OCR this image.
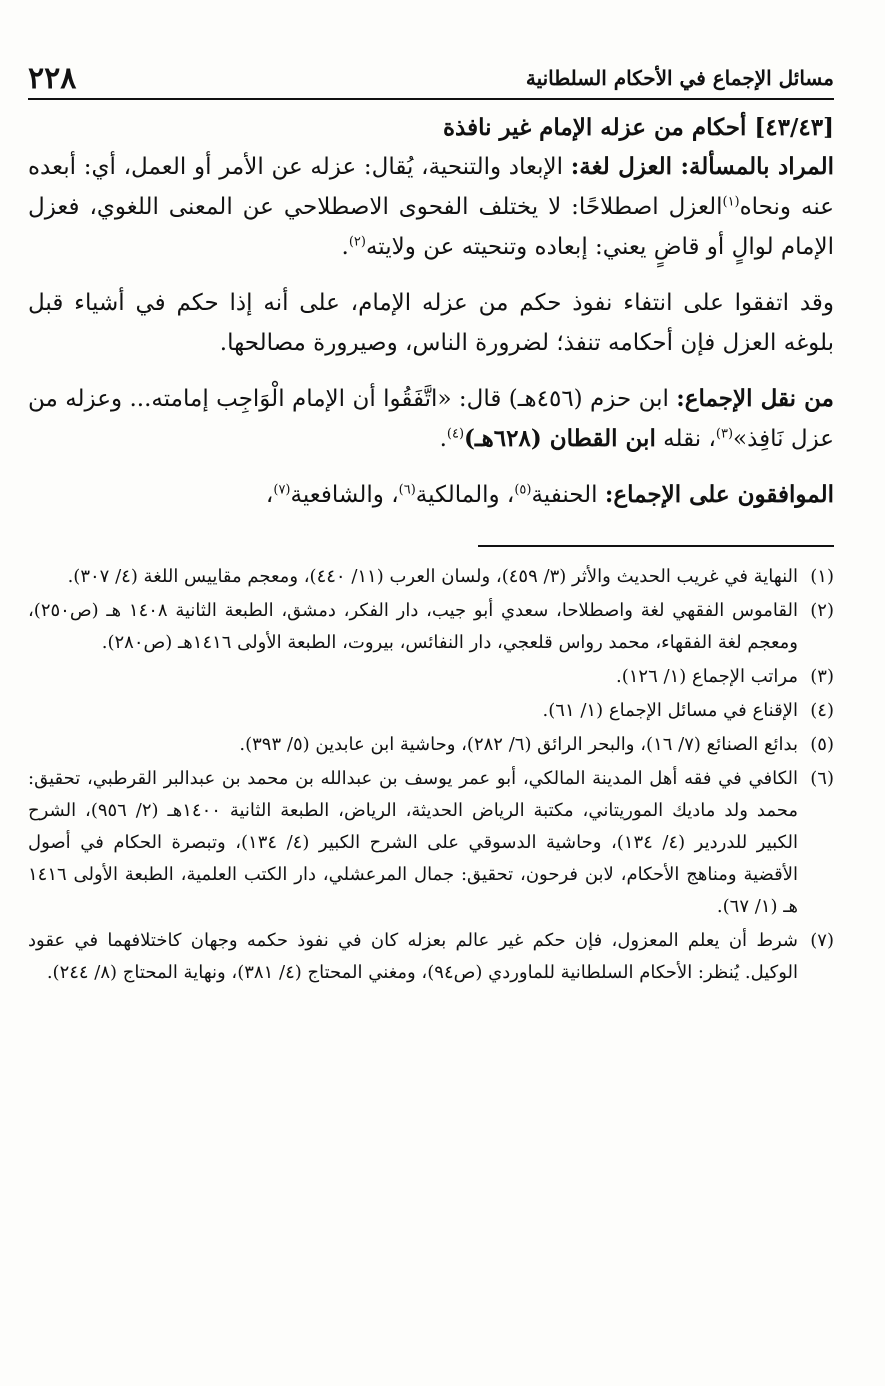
مسائل الإجماع في الأحكام السلطانية
٢٢٨
[٤٣/٤٣] أحكام من عزله الإمام غير نافذة

المراد بالمسألة: العزل لغة: الإبعاد والتنحية، يُقال: عزله عن الأمر أو العمل، أي: أبعده عنه ونحاه$^{(١)}$العزل اصطلاحًا: لا يختلف الفحوى الاصطلاحي عن المعنى اللغوي، فعزل الإمام لوالٍ أو قاضٍ يعني: إبعاده وتنحيته عن ولايته$^{(٢)}$.

وقد اتفقوا على انتفاء نفوذ حكم من عزله الإمام، على أنه إذا حكم في أشياء قبل بلوغه العزل فإن أحكامه تنفذ؛ لضرورة الناس، وصيرورة مصالحها.

من نقل الإجماع: ابن حزم (٤٥٦هـ) قال: «اتَّفَقُوا أن الإمام الْوَاجِب إمامته... وعزله من عزل نَافِذ»$^{(٣)}$، نقله ابن القطان (٦٢٨هـ)$^{(٤)}$.

الموافقون على الإجماع: الحنفية$^{(٥)}$، والمالكية$^{(٦)}$، والشافعية$^{(٧)}$،

(١)
النهاية في غريب الحديث والأثر (٣/ ٤٥٩)، ولسان العرب (١١/ ٤٤٠)، ومعجم مقاييس اللغة (٤/ ٣٠٧).
(٢)
القاموس الفقهي لغة واصطلاحا، سعدي أبو جيب، دار الفكر، دمشق، الطبعة الثانية ١٤٠٨ هـ (ص٢٥٠)، ومعجم لغة الفقهاء، محمد رواس قلعجي، دار النفائس، بيروت، الطبعة الأولى ١٤١٦هـ (ص٢٨٠).
(٣)
مراتب الإجماع (١/ ١٢٦).
(٤)
الإقناع في مسائل الإجماع (١/ ٦١).
(٥)
بدائع الصنائع (٧/ ١٦)، والبحر الرائق (٦/ ٢٨٢)، وحاشية ابن عابدين (٥/ ٣٩٣).
(٦)
الكافي في فقه أهل المدينة المالكي، أبو عمر يوسف بن عبدالله بن محمد بن عبدالبر القرطبي، تحقيق: محمد ولد ماديك الموريتاني، مكتبة الرياض الحديثة، الرياض، الطبعة الثانية ١٤٠٠هـ (٢/ ٩٥٦)، الشرح الكبير للدردير (٤/ ١٣٤)، وحاشية الدسوقي على الشرح الكبير (٤/ ١٣٤)، وتبصرة الحكام في أصول الأقضية ومناهج الأحكام، لابن فرحون، تحقيق: جمال المرعشلي، دار الكتب العلمية، الطبعة الأولى ١٤١٦ هـ (١/ ٦٧).
(٧)
شرط أن يعلم المعزول، فإن حكم غير عالم بعزله كان في نفوذ حكمه وجهان كاختلافهما في عقود الوكيل. يُنظر: الأحكام السلطانية للماوردي (ص٩٤)، ومغني المحتاج (٤/ ٣٨١)، ونهاية المحتاج (٨/ ٢٤٤).
